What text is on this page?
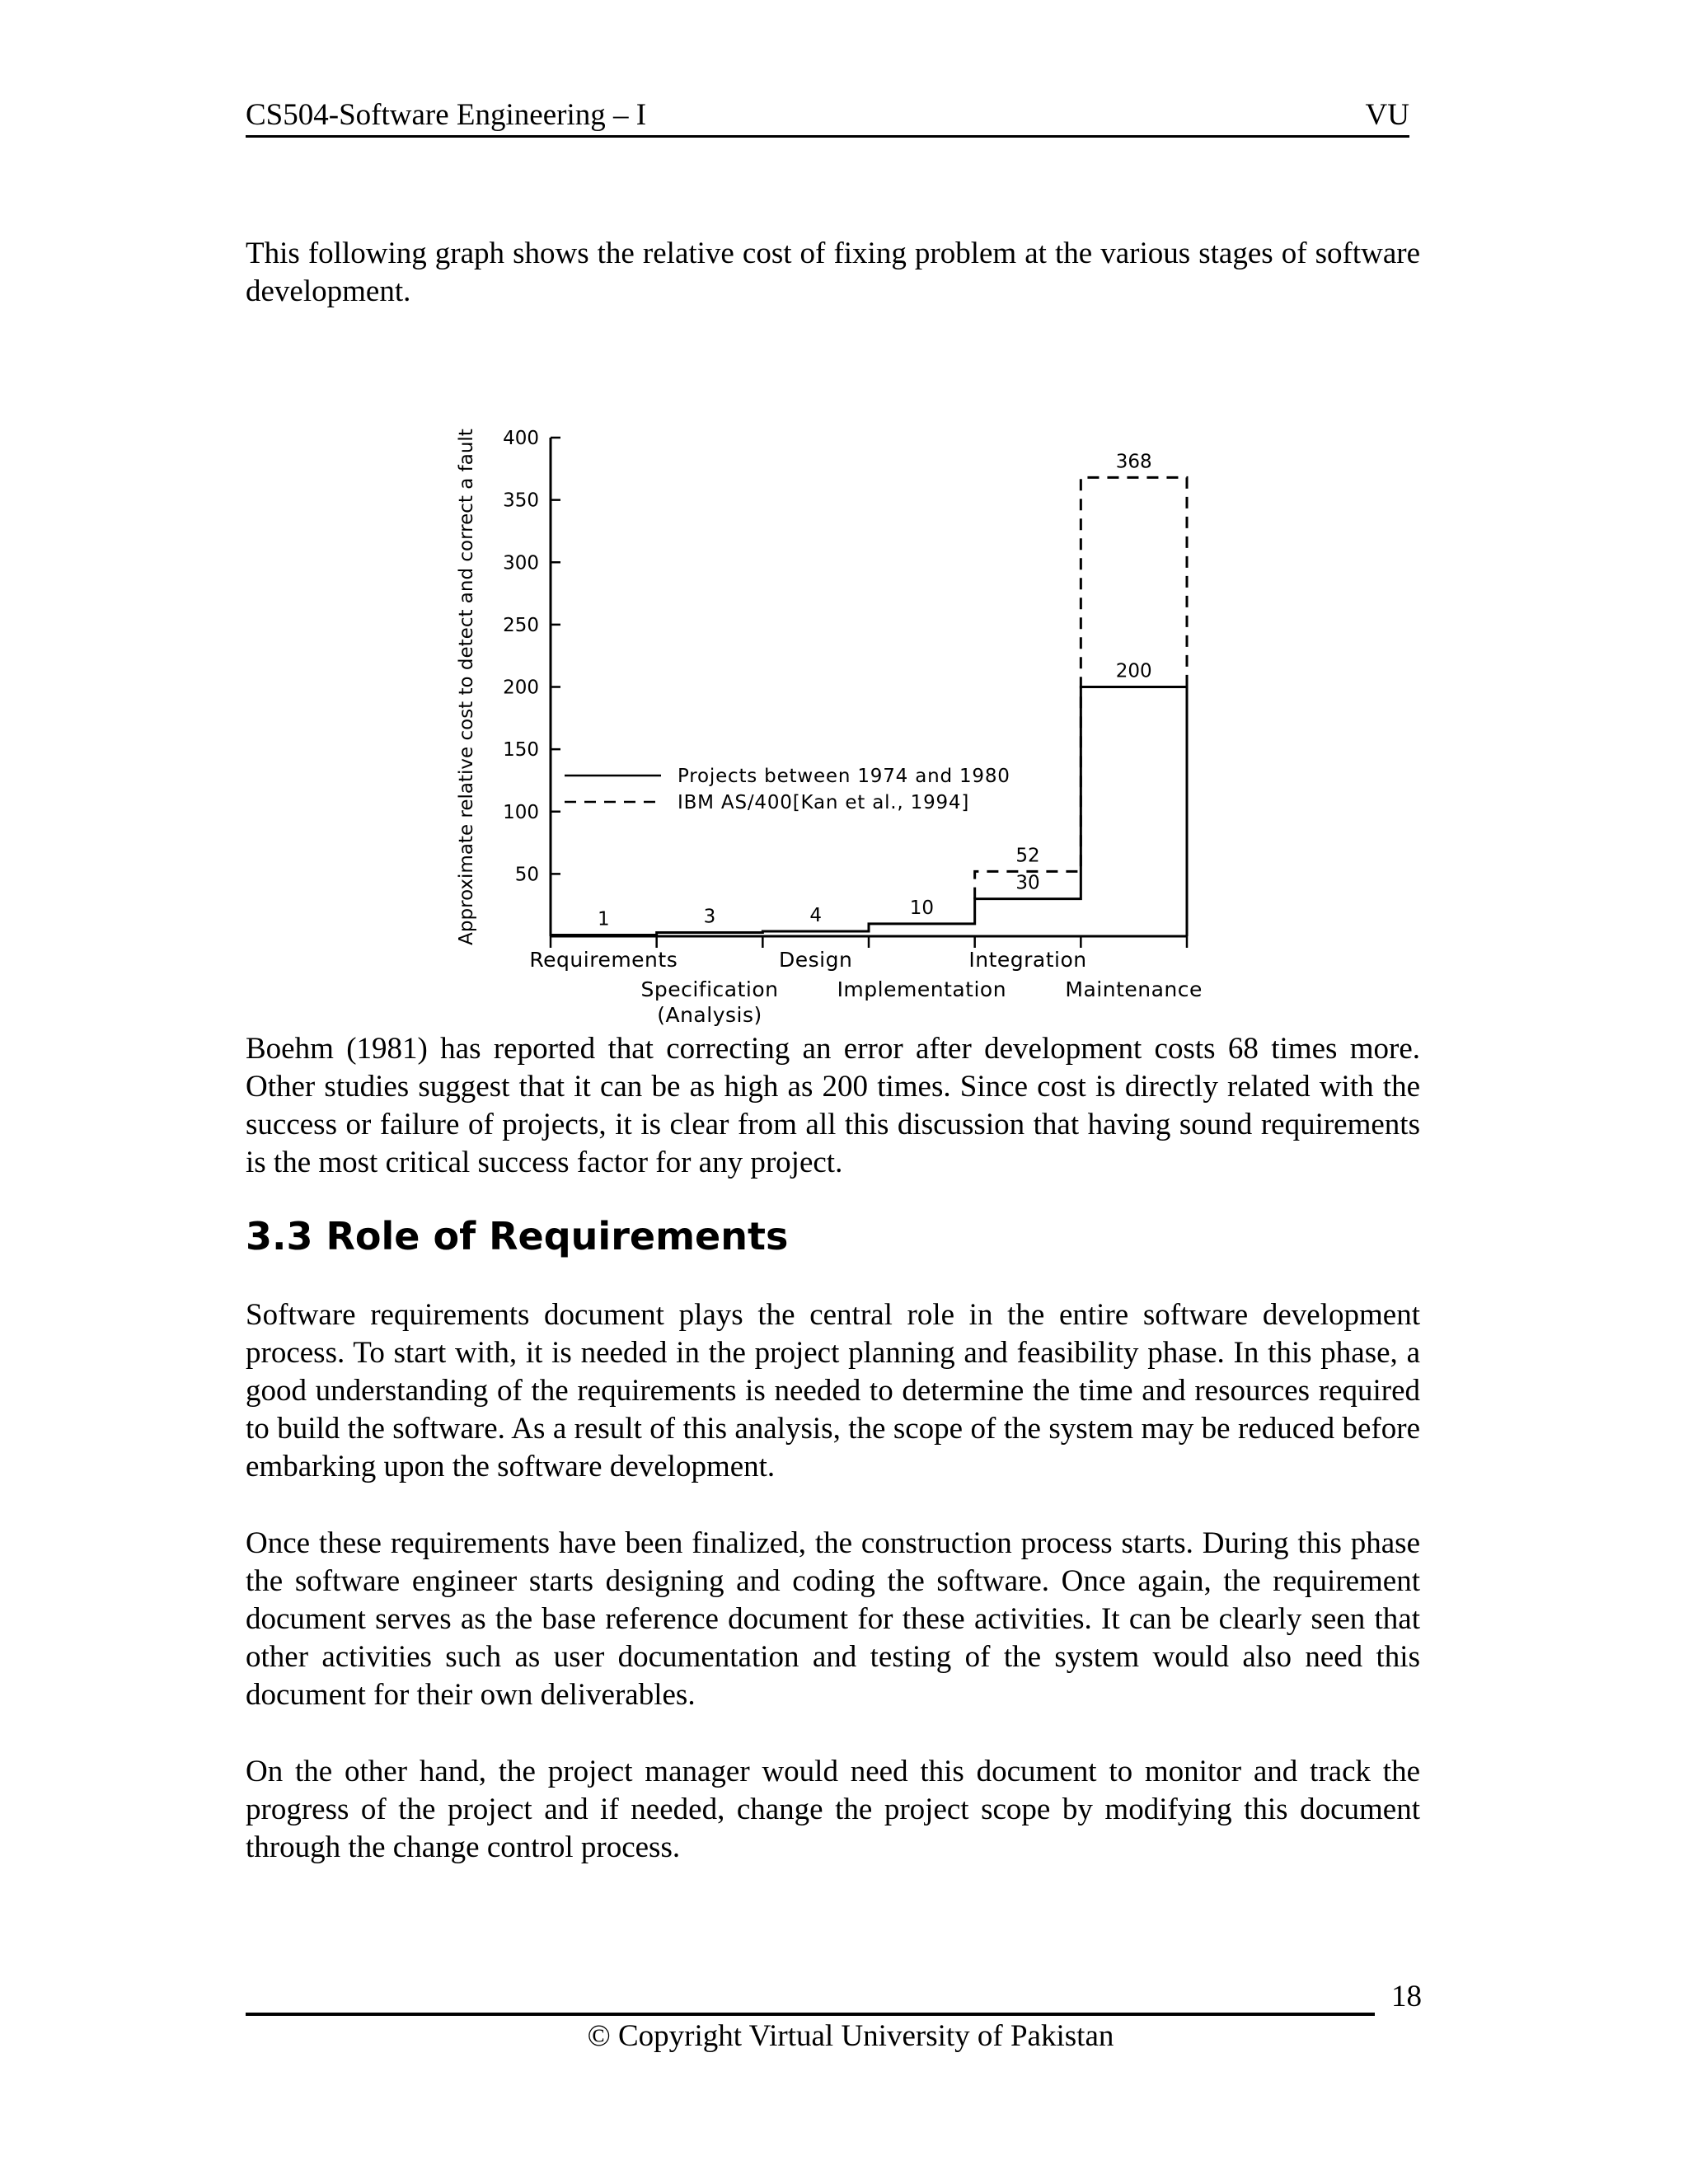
CS504-Software Engineering – I	VU

This following graph shows the relative cost of fixing problem at the various stages of software development.

50
100
150
200
250
300
350
400
Approximate relative cost to detect and correct a fault
Requirements
Specification
(Analysis)
Design
Implementation
Integration
Maintenance
1	3	4	10
30
200
52
368
Projects between 1974 and 1980
IBM AS/400[Kan et al., 1994]

Boehm (1981) has reported that correcting an error after development costs 68 times more. Other studies suggest that it can be as high as 200 times. Since cost is directly related with the success or failure of projects, it is clear from all this discussion that having sound requirements is the most critical success factor for any project.

3.3 Role of Requirements

Software requirements document plays the central role in the entire software development process. To start with, it is needed in the project planning and feasibility phase. In this phase, a good understanding of the requirements is needed to determine the time and resources required to build the software. As a result of this analysis, the scope of the system may be reduced before embarking upon the software development.

Once these requirements have been finalized, the construction process starts. During this phase the software engineer starts designing and coding the software. Once again, the requirement document serves as the base reference document for these activities. It can be clearly seen that other activities such as user documentation and testing of the system would also need this document for their own deliverables.

On the other hand, the project manager would need this document to monitor and track the progress of the project and if needed, change the project scope by modifying this document through the change control process.

18
© Copyright Virtual University of Pakistan
